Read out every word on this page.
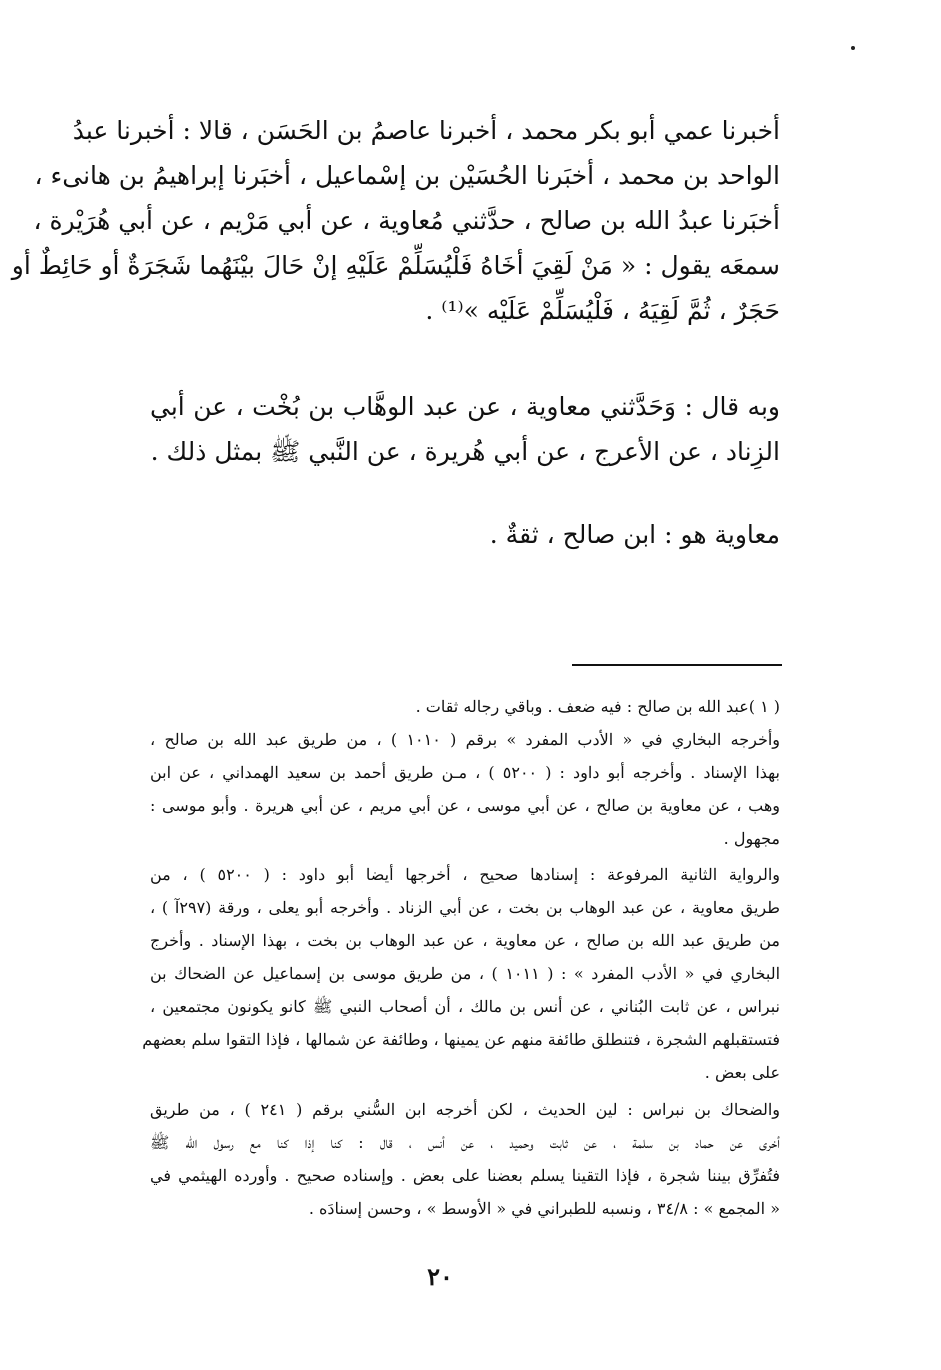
أخبرنا عمي أبو بكر محمد ، أخبرنا عاصمُ بن الحَسَن ، قالا : أخبرنا عبدُ
الواحد بن محمد ، أخبَرنا الحُسَيْن بن إسْماعيل ، أخبَرنا إبراهيمُ بن هانىء ،
أخبَرنا عبدُ الله بن صالح ، حدَّثني مُعاوية ، عن أبي مَرْيم ، عن أبي هُرَيْرة ،
سمعَه يقول : « مَنْ لَقِيَ أخَاهُ فَلْيُسَلِّمْ عَلَيْهِ إنْ حَالَ بيْنَهُما شَجَرَةٌ أو حَائِطٌ أو
حَجَرٌ ، ثُمَّ لَقِيَهُ ، فَلْيُسَلِّمْ عَلَيْه »⁽¹⁾ .
وبه قال : وَحَدَّثني معاوية ، عن عبد الوهَّاب بن بُخْت ، عن أبي
الزِناد ، عن الأعرج ، عن أبي هُريرة ، عن النَّبي ﷺ بمثل ذلك .
معاوية هو : ابن صالح ، ثقةٌ .
( ١ )عبد الله بن صالح : فيه ضعف . وباقي رجاله ثقات .
وأخرجه البخاري في « الأدب المفرد » برقم ( ١٠١٠ ) ، من طريق عبد الله بن صالح ،
بهذا الإسناد . وأخرجه أبو داود : ( ٥٢٠٠ ) ، مـن طريق أحمد بن سعيد الهمداني ، عن ابن
وهب ، عن معاوية بن صالح ، عن أبي موسى ، عن أبي مريم ، عن أبي هريرة . وأبو موسى :
مجهول .
والرواية الثانية المرفوعة : إسنادها صحيح ، أخرجها أيضا أبو داود : ( ٥٢٠٠ ) ، من
طريق معاوية ، عن عبد الوهاب بن بخت ، عن أبي الزناد . وأخرجه أبو يعلى ، ورقة (٢٩٧آ ) ،
من طريق عبد الله بن صالح ، عن معاوية ، عن عبد الوهاب بن بخت ، بهذا الإسناد . وأخرج
البخاري في « الأدب المفرد » : ( ١٠١١ ) ، من طريق موسى بن إسماعيل عن الضحاك بن
نبراس ، عن ثابت البُناني ، عن أنس بن مالك ، أن أصحاب النبي ﷺ كانو يكونون مجتمعين ،
فتستقبلهم الشجرة ، فتنطلق طائفة منهم عن يمينها ، وطائفة عن شمالها ، فإذا التقوا سلم بعضهم
على بعض .
والضحاك بن نبراس : لين الحديث ، لكن أخرجه ابن السُّني برقم ( ٢٤١ ) ، من طريق
أخرى عن حماد بن سلمة ، عن ثابت وحميد ، عن أنس ، قال : كنا إذا كنا مع رسول الله ﷺ
فتُفرِّق بيننا شجرة ، فإذا التقينا يسلم بعضنا على بعض . وإسناده صحيح . وأورده الهيثمي في
« المجمع » : ٣٤/٨ ، ونسبه للطبراني في « الأوسط » ، وحسن إسنادَه .
٢٠
